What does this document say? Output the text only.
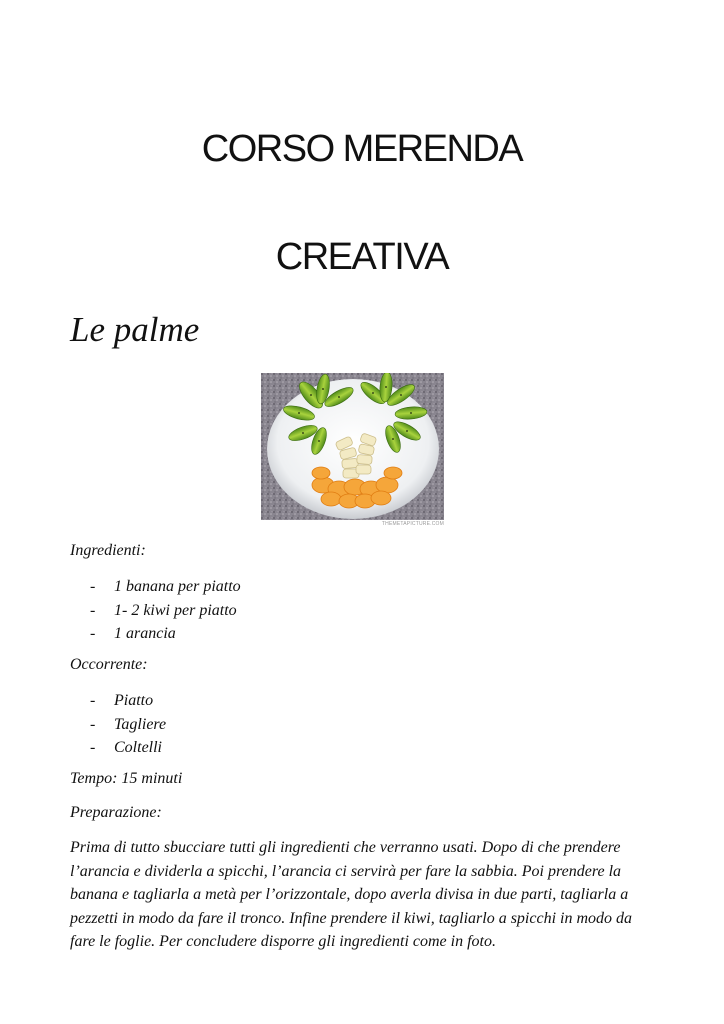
CORSO MERENDA
CREATIVA
Le palme
THEMETAPICTURE.COM

Ingredienti:

- 1 banana per piatto
- 1- 2 kiwi per piatto
- 1 arancia

Occorrente:

- Piatto
- Tagliere
- Coltelli

Tempo: 15 minuti

Preparazione:

Prima di tutto sbucciare tutti gli ingredienti che verranno usati. Dopo di che prendere l’arancia e dividerla a spicchi, l’arancia ci servirà per fare la sabbia. Poi prendere la banana e tagliarla a metà per l’orizzontale, dopo averla divisa in due parti, tagliarla a pezzetti in modo da fare il tronco. Infine prendere il kiwi, tagliarlo a spicchi in modo da fare le foglie. Per concludere disporre gli ingredienti come in foto.
